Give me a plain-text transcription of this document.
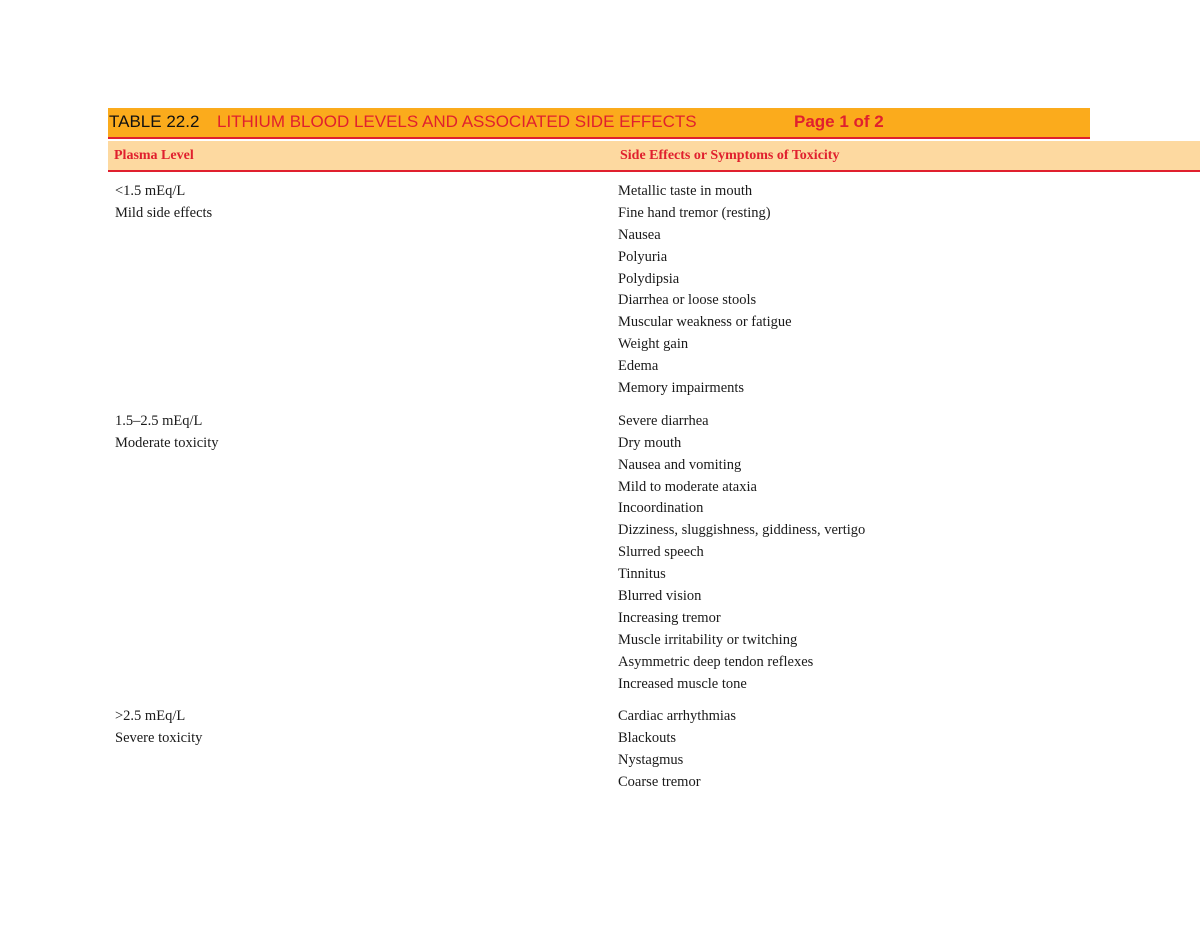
TABLE 22.2 LITHIUM BLOOD LEVELS AND ASSOCIATED SIDE EFFECTS	Page 1 of 2
Plasma Level	Side Effects or Symptoms of Toxicity
<1.5 mEq/L
Mild side effects
Metallic taste in mouth
Fine hand tremor (resting)
Nausea
Polyuria
Polydipsia
Diarrhea or loose stools
Muscular weakness or fatigue
Weight gain
Edema
Memory impairments
1.5–2.5 mEq/L
Moderate toxicity
Severe diarrhea
Dry mouth
Nausea and vomiting
Mild to moderate ataxia
Incoordination
Dizziness, sluggishness, giddiness, vertigo
Slurred speech
Tinnitus
Blurred vision
Increasing tremor
Muscle irritability or twitching
Asymmetric deep tendon reflexes
Increased muscle tone
>2.5 mEq/L
Severe toxicity
Cardiac arrhythmias
Blackouts
Nystagmus
Coarse tremor
